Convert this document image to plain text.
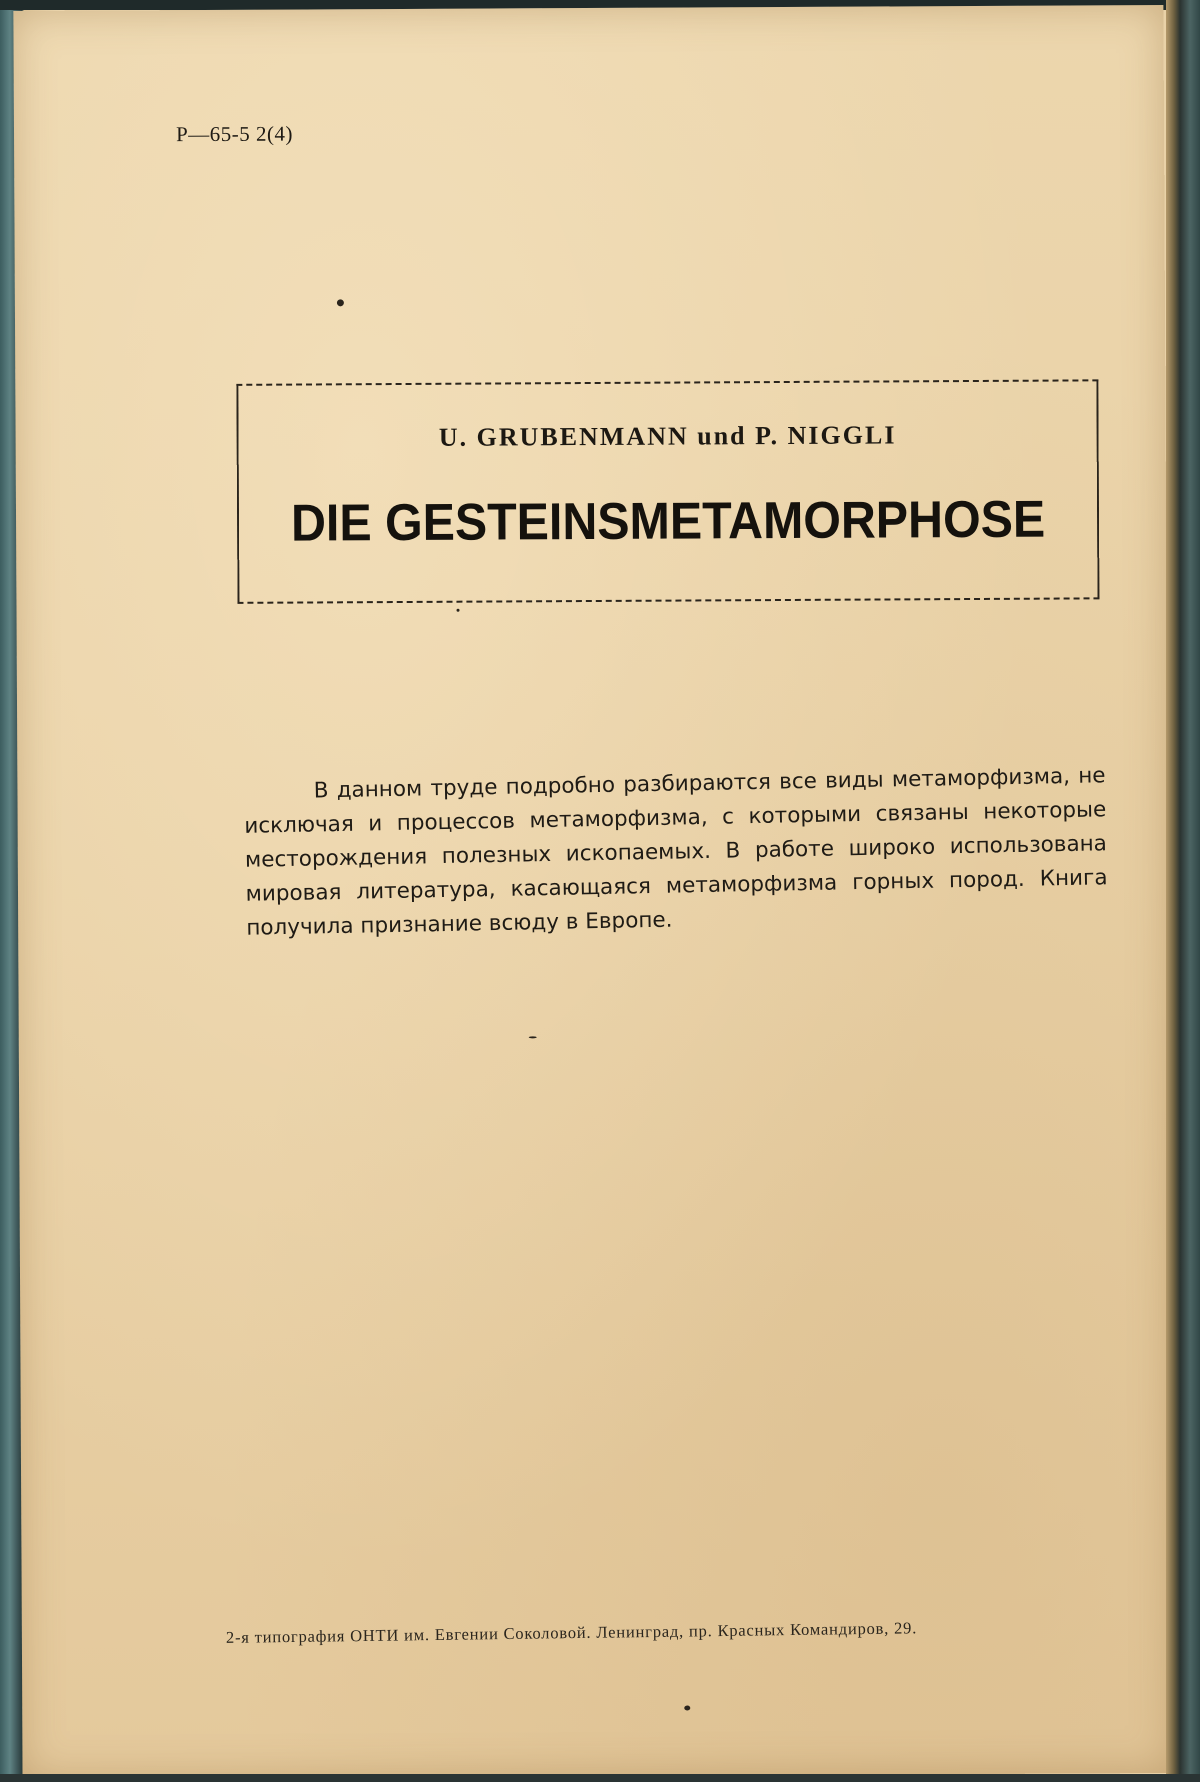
Р—65-5 2(4)
U. GRUBENMANN und P. NIGGLI
DIE GESTEINSMETAMORPHOSE
В данном труде подробно разбираются все виды метаморфизма, не исключая и процессов метаморфизма, с которыми связаны некоторые месторождения полезных ископаемых. В работе широко использована мировая литература, касающаяся метаморфизма горных пород. Книга получила признание всюду в Европе.
2-я типография ОНТИ им. Евгении Соколовой. Ленинград, пр. Красных Командиров, 29.
